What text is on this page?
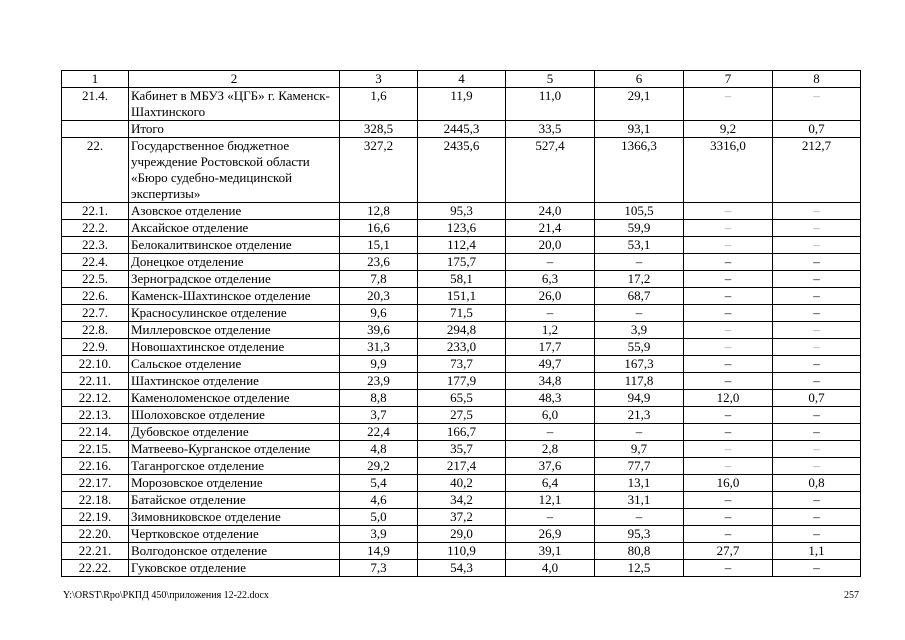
1	2	3	4	5	6	7	8
21.4.	Кабинет в МБУЗ «ЦГБ» г. Каменск-Шахтинского	1,6	11,9	11,0	29,1	–	–
	Итого	328,5	2445,3	33,5	93,1	9,2	0,7
22.	Государственное бюджетное учреждение Ростовской области «Бюро судебно-медицинской экспертизы»	327,2	2435,6	527,4	1366,3	3316,0	212,7
22.1.	Азовское отделение	12,8	95,3	24,0	105,5	–	–
22.2.	Аксайское отделение	16,6	123,6	21,4	59,9	–	–
22.3.	Белокалитвинское отделение	15,1	112,4	20,0	53,1	–	–
22.4.	Донецкое отделение	23,6	175,7	–	–	–	–
22.5.	Зерноградское отделение	7,8	58,1	6,3	17,2	–	–
22.6.	Каменск-Шахтинское отделение	20,3	151,1	26,0	68,7	–	–
22.7.	Красносулинское отделение	9,6	71,5	–	–	–	–
22.8.	Миллеровское отделение	39,6	294,8	1,2	3,9	–	–
22.9.	Новошахтинское отделение	31,3	233,0	17,7	55,9	–	–
22.10.	Сальское отделение	9,9	73,7	49,7	167,3	–	–
22.11.	Шахтинское отделение	23,9	177,9	34,8	117,8	–	–
22.12.	Каменоломенское отделение	8,8	65,5	48,3	94,9	12,0	0,7
22.13.	Шолоховское отделение	3,7	27,5	6,0	21,3	–	–
22.14.	Дубовское отделение	22,4	166,7	–	–	–	–
22.15.	Матвеево-Курганское отделение	4,8	35,7	2,8	9,7	–	–
22.16.	Таганрогское отделение	29,2	217,4	37,6	77,7	–	–
22.17.	Морозовское отделение	5,4	40,2	6,4	13,1	16,0	0,8
22.18.	Батайское отделение	4,6	34,2	12,1	31,1	–	–
22.19.	Зимовниковское отделение	5,0	37,2	–	–	–	–
22.20.	Чертковское отделение	3,9	29,0	26,9	95,3	–	–
22.21.	Волгодонское отделение	14,9	110,9	39,1	80,8	27,7	1,1
22.22.	Гуковское отделение	7,3	54,3	4,0	12,5	–	–
Y:\ORST\Rpo\РКПД 450\приложения 12-22.docx	257
